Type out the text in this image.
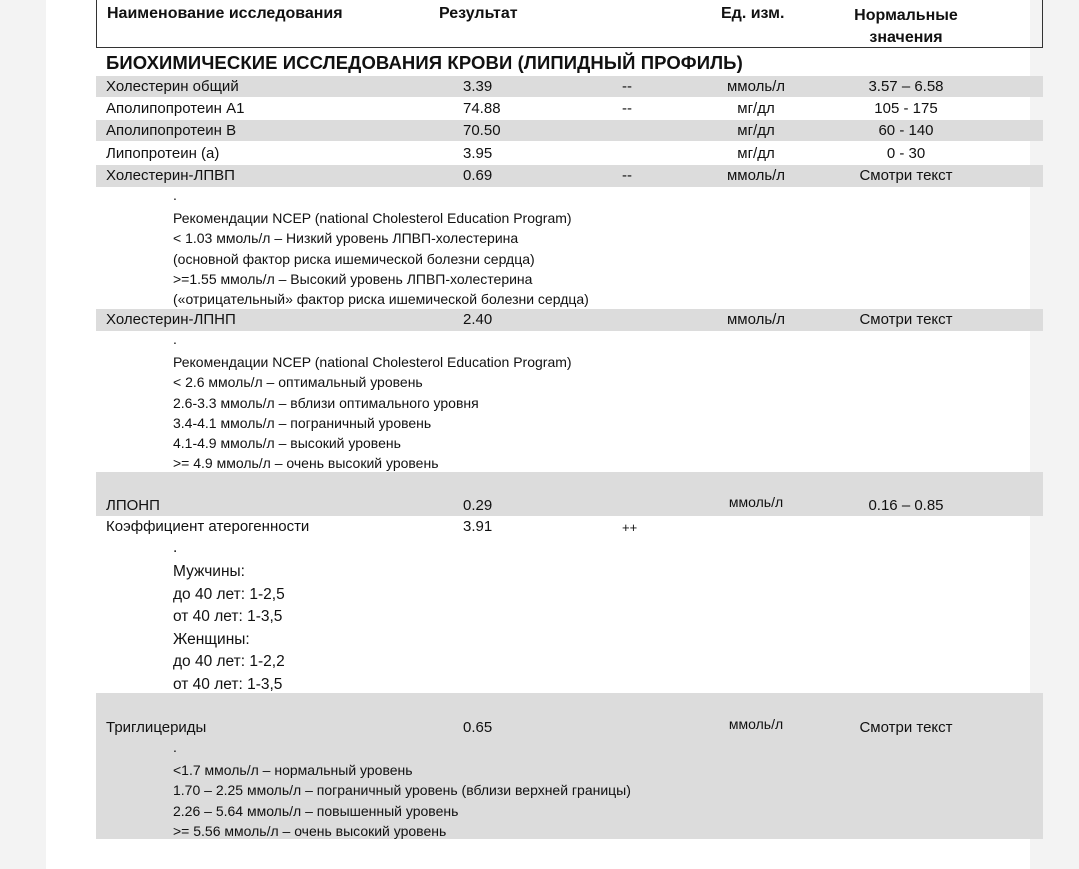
Наименование исследования	Результат	Ед. изм.	Нормальные
значения
БИОХИМИЧЕСКИЕ ИССЛЕДОВАНИЯ КРОВИ (ЛИПИДНЫЙ ПРОФИЛЬ)
Холестерин общий	3.39	--	ммоль/л	3.57 – 6.58
Аполипопротеин А1	74.88	--	мг/дл	105 - 175
Аполипопротеин В	70.50	мг/дл	60 - 140
Липопротеин (а)	3.95	мг/дл	0 - 30
Холестерин-ЛПВП	0.69	--	ммоль/л	Смотри текст
.
Рекомендации NCEP (national Cholesterol Education Program)
< 1.03 ммоль/л – Низкий уровень ЛПВП-холестерина
(основной фактор риска ишемической болезни сердца)
>=1.55 ммоль/л – Высокий уровень ЛПВП-холестерина
(«отрицательный» фактор риска ишемической болезни сердца)
Холестерин-ЛПНП	2.40	ммоль/л	Смотри текст
.
Рекомендации NCEP (national Cholesterol Education Program)
< 2.6 ммоль/л – оптимальный уровень
2.6-3.3 ммоль/л – вблизи оптимального уровня
3.4-4.1 ммоль/л – пограничный уровень
4.1-4.9 ммоль/л – высокий уровень
>= 4.9 ммоль/л – очень высокий уровень
ЛПОНП	0.29	ммоль/л	0.16 – 0.85
Коэффициент атерогенности	3.91	++
.
Мужчины:
до 40 лет: 1-2,5
от 40 лет: 1-3,5
Женщины:
до 40 лет: 1-2,2
от 40 лет: 1-3,5
Триглицериды	0.65	ммоль/л	Смотри текст
.
<1.7 ммоль/л – нормальный уровень
1.70 – 2.25 ммоль/л – пограничный уровень (вблизи верхней границы)
2.26 – 5.64 ммоль/л – повышенный уровень
>= 5.56 ммоль/л – очень высокий уровень
